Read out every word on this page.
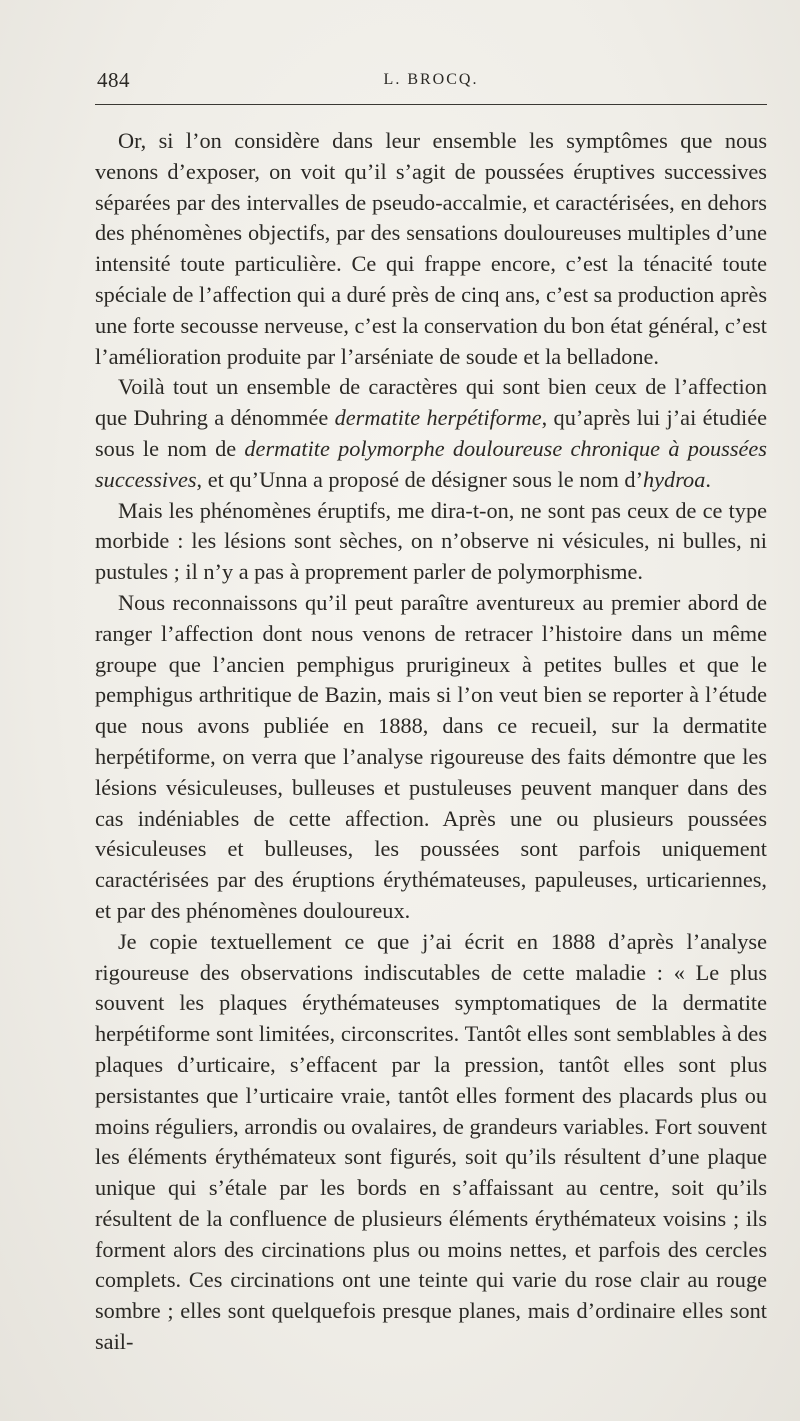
484	L. BROCQ.

Or, si l’on considère dans leur ensemble les symptômes que nous venons d’exposer, on voit qu’il s’agit de poussées éruptives successives séparées par des intervalles de pseudo-accalmie, et caractérisées, en dehors des phénomènes objectifs, par des sensations douloureuses multiples d’une intensité toute particulière. Ce qui frappe encore, c’est la ténacité toute spéciale de l’affection qui a duré près de cinq ans, c’est sa production après une forte secousse nerveuse, c’est la conservation du bon état général, c’est l’amélioration produite par l’arséniate de soude et la belladone.

Voilà tout un ensemble de caractères qui sont bien ceux de l’affection que Duhring a dénommée dermatite herpétiforme, qu’après lui j’ai étudiée sous le nom de dermatite polymorphe douloureuse chronique à poussées successives, et qu’Unna a proposé de désigner sous le nom d’hydroa.

Mais les phénomènes éruptifs, me dira-t-on, ne sont pas ceux de ce type morbide : les lésions sont sèches, on n’observe ni vésicules, ni bulles, ni pustules ; il n’y a pas à proprement parler de polymorphisme.

Nous reconnaissons qu’il peut paraître aventureux au premier abord de ranger l’affection dont nous venons de retracer l’histoire dans un même groupe que l’ancien pemphigus prurigineux à petites bulles et que le pemphigus arthritique de Bazin, mais si l’on veut bien se reporter à l’étude que nous avons publiée en 1888, dans ce recueil, sur la dermatite herpétiforme, on verra que l’analyse rigoureuse des faits démontre que les lésions vésiculeuses, bulleuses et pustuleuses peuvent manquer dans des cas indéniables de cette affection. Après une ou plusieurs poussées vésiculeuses et bulleuses, les poussées sont parfois uniquement caractérisées par des éruptions érythémateuses, papuleuses, urticariennes, et par des phénomènes douloureux.

Je copie textuellement ce que j’ai écrit en 1888 d’après l’analyse rigoureuse des observations indiscutables de cette maladie : « Le plus souvent les plaques érythémateuses symptomatiques de la dermatite herpétiforme sont limitées, circonscrites. Tantôt elles sont semblables à des plaques d’urticaire, s’effacent par la pression, tantôt elles sont plus persistantes que l’urticaire vraie, tantôt elles forment des placards plus ou moins réguliers, arrondis ou ovalaires, de grandeurs variables. Fort souvent les éléments érythémateux sont figurés, soit qu’ils résultent d’une plaque unique qui s’étale par les bords en s’affaissant au centre, soit qu’ils résultent de la confluence de plusieurs éléments érythémateux voisins ; ils forment alors des circinations plus ou moins nettes, et parfois des cercles complets. Ces circinations ont une teinte qui varie du rose clair au rouge sombre ; elles sont quelquefois presque planes, mais d’ordinaire elles sont sail-
